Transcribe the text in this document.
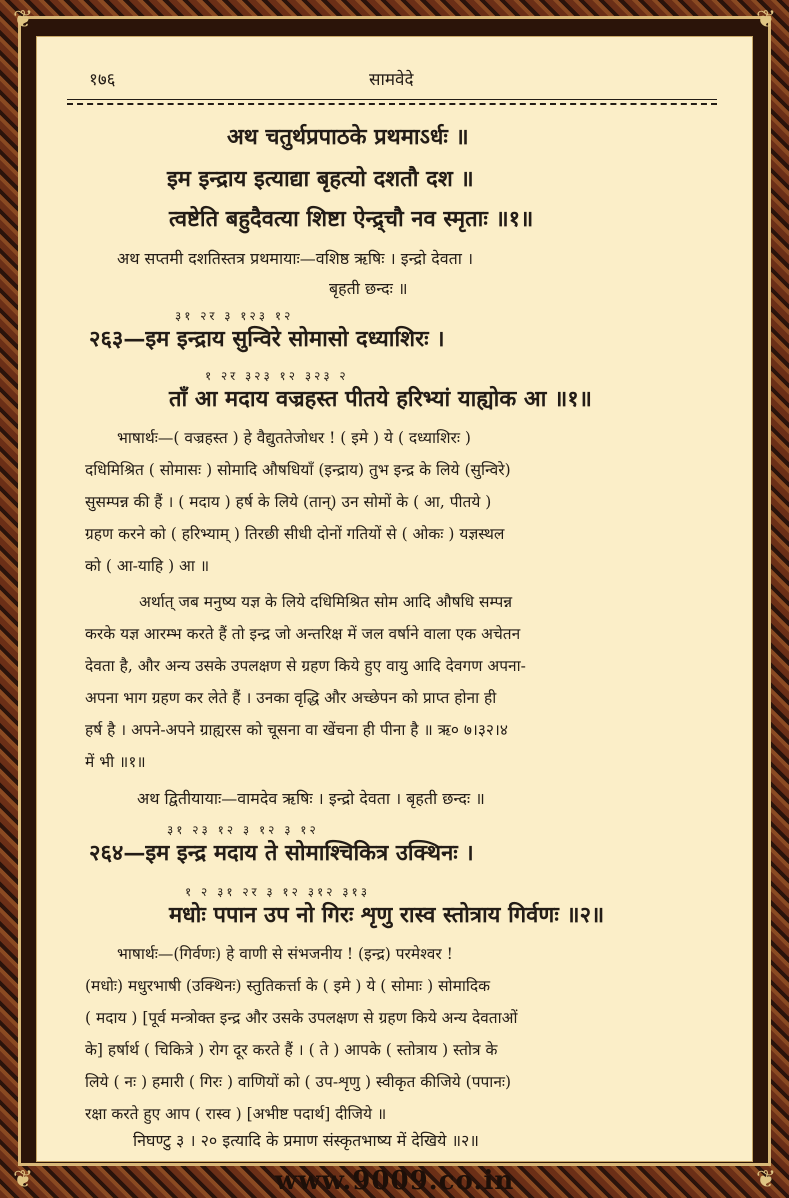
❦	❦
❦	❦
१७६	सामवेदे
अथ चतुर्थप्रपाठके प्रथमाऽर्धः ॥
इम इन्द्राय इत्याद्या बृहत्यो दशतौ दश ॥
त्वष्टेति बहुदैवत्या शिष्टा ऐन्द्र्चौ नव स्मृताः ॥१॥
अथ सप्तमी दशतिस्तत्र प्रथमायाः—वशिष्ठ ऋषिः । इन्द्रो देवता ।
बृहती छन्दः ॥
३१ २र ३ १२३ १२
२६३—इम इन्द्राय सुन्विरे सोमासो दध्याशिरः ।
१ २र ३२३ १२ ३२३ २
ताँ आ मदाय वज्रहस्त पीतये हरिभ्यां याह्योक आ ॥१॥
भाषार्थः—( वज्रहस्त ) हे वैद्युततेजोधर ! ( इमे ) ये ( दध्याशिरः )
दधिमिश्रित ( सोमासः ) सोमादि औषधियाँ (इन्द्राय) तुभ इन्द्र के लिये (सुन्विरे)
सुसम्पन्न की हैं । ( मदाय ) हर्ष के लिये (तान्) उन सोमों के ( आ, पीतये )
ग्रहण करने को ( हरिभ्याम् ) तिरछी सीधी दोनों गतियों से ( ओकः ) यज्ञस्थल
को ( आ-याहि ) आ ॥
अर्थात् जब मनुष्य यज्ञ के लिये दधिमिश्रित सोम आदि औषधि सम्पन्न
करके यज्ञ आरम्भ करते हैं तो इन्द्र जो अन्तरिक्ष में जल वर्षाने वाला एक अचेतन
देवता है, और अन्य उसके उपलक्षण से ग्रहण किये हुए वायु आदि देवगण अपना-
अपना भाग ग्रहण कर लेते हैं । उनका वृद्धि और अच्छेपन को प्राप्त होना ही
हर्ष है । अपने-अपने ग्राह्यरस को चूसना वा खेंचना ही पीना है ॥ ऋ० ७।३२।४
में भी ॥१॥
अथ द्वितीयायाः—वामदेव ऋषिः । इन्द्रो देवता । बृहती छन्दः ॥
३१ २३ १२ ३ १२ ३ १२
२६४—इम इन्द्र मदाय ते सोमाश्चिकित्र उक्थिनः ।
१ २ ३१ २र ३ १२ ३१२ ३१३
मधोः पपान उप नो गिरः शृणु रास्व स्तोत्राय गिर्वणः ॥२॥
भाषार्थः—(गिर्वणः) हे वाणी से संभजनीय ! (इन्द्र) परमेश्वर !
(मधोः) मधुरभाषी (उक्थिनः) स्तुतिकर्त्ता के ( इमे ) ये ( सोमाः ) सोमादिक
( मदाय ) [पूर्व मन्त्रोक्त इन्द्र और उसके उपलक्षण से ग्रहण किये अन्य देवताओं
के] हर्षार्थ ( चिकित्रे ) रोग दूर करते हैं । ( ते ) आपके ( स्तोत्राय ) स्तोत्र के
लिये ( नः ) हमारी ( गिरः ) वाणियों को ( उप-शृणु ) स्वीकृत कीजिये (पपानः)
रक्षा करते हुए आप ( रास्व ) [अभीष्ट पदार्थ] दीजिये ॥
निघण्टु ३ । २० इत्यादि के प्रमाण संस्कृतभाष्य में देखिये ॥२॥
www.9009.co.in
